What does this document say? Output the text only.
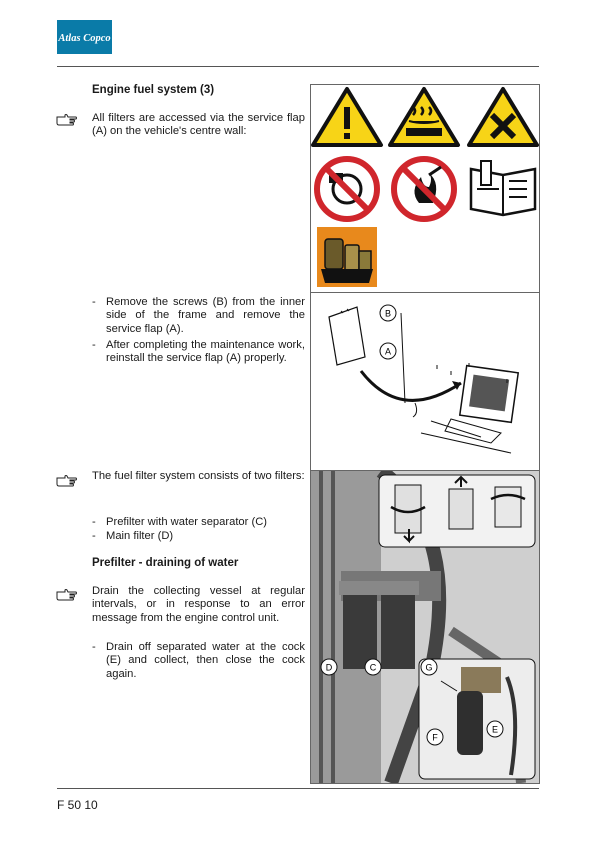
Atlas Copco
Engine fuel system (3)
All filters are accessed via the service flap (A) on the vehicle's centre wall:
- Remove the screws (B) from the inner side of the frame and remove the service flap (A).
- After completing the maintenance work, reinstall the service flap (A) properly.
The fuel filter system consists of two filters:
- Prefilter with water separator (C)
- Main filter (D)
Prefilter - draining of water
Drain the collecting vessel at regular intervals, or in response to an error message from the engine control unit.
- Drain off separated water at the cock (E) and collect, then close the cock again.
B
A
D	C	G
E
F
F 50 10
